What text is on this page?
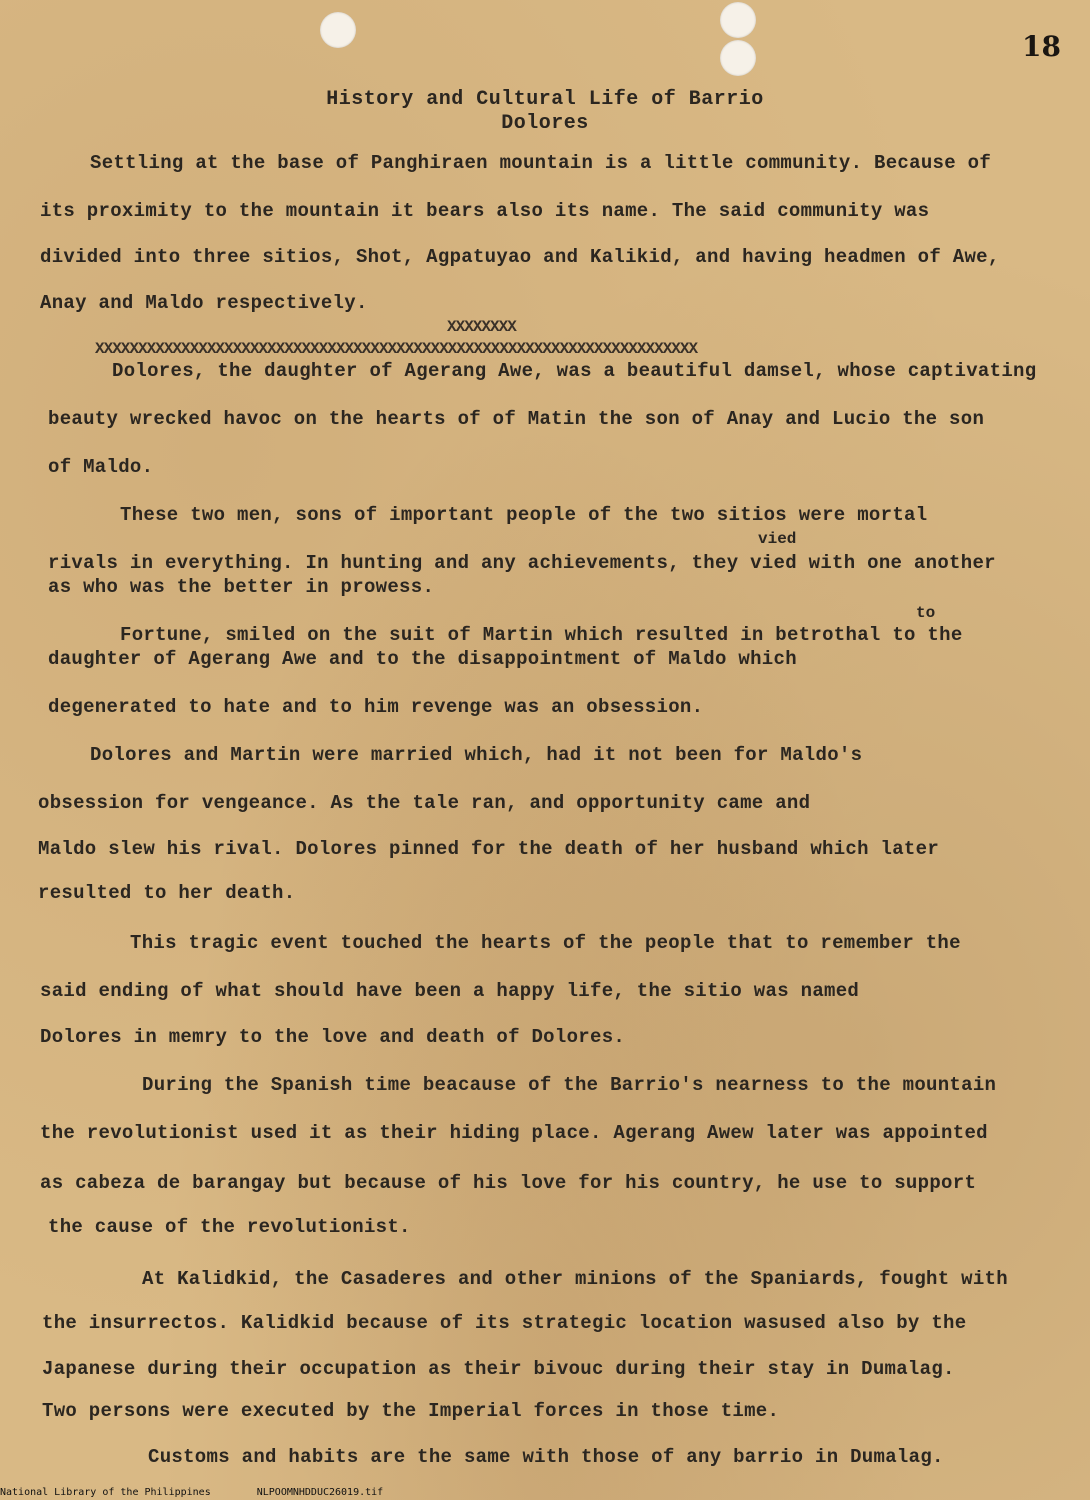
18
History and Cultural Life of Barrio
Dolores
Settling at the base of Panghiraen mountain is a little community. Because of
its proximity to the mountain it bears also its name. The said community was
divided into three sitios, Shot, Agpatuyao and Kalikid, and having headmen of Awe,
Anay and Maldo respectively.
XXXXXXXX
XXXXXXXXXXXXXXXXXXXXXXXXXXXXXXXXXXXXXXXXXXXXXXXXXXXXXXXXXXXXXXXXXXXXXX
Dolores, the daughter of Agerang Awe, was a beautiful damsel, whose captivating
beauty wrecked havoc on the hearts of of Matin the son of Anay and Lucio the son
of Maldo.
These two men, sons of important people of the two sitios were mortal
vied
rivals in everything. In hunting and any achievements, they vied with one another
as who was the better in prowess.
to
Fortune, smiled on the suit of Martin which resulted in betrothal to the
daughter of Agerang Awe and to the disappointment of Maldo which
degenerated to hate and to him revenge was an obsession.
Dolores and Martin were married which, had it not been for Maldo's
obsession for vengeance. As the tale ran, and opportunity came and
Maldo slew his rival. Dolores pinned for the death of her husband which later
resulted to her death.
This tragic event touched the hearts of the people that to remember the
said ending of what should have been a happy life, the sitio was named
Dolores in memry to the love and death of Dolores.
During the Spanish time beacause of the Barrio's nearness to the mountain
the revolutionist used it as their hiding place. Agerang Awew later was appointed
as cabeza de barangay but because of his love for his country, he use to support
the cause of the revolutionist.
At Kalidkid, the Casaderes and other minions of the Spaniards, fought with
the insurrectos. Kalidkid because of its strategic location wasused also by the
Japanese during their occupation as their bivouc during their stay in Dumalag.
Two persons were executed by the Imperial forces in those time.
Customs and habits are the same with those of any barrio in Dumalag.
National Library of the Philippines	NLPOOMNHDDUC26019.tif
